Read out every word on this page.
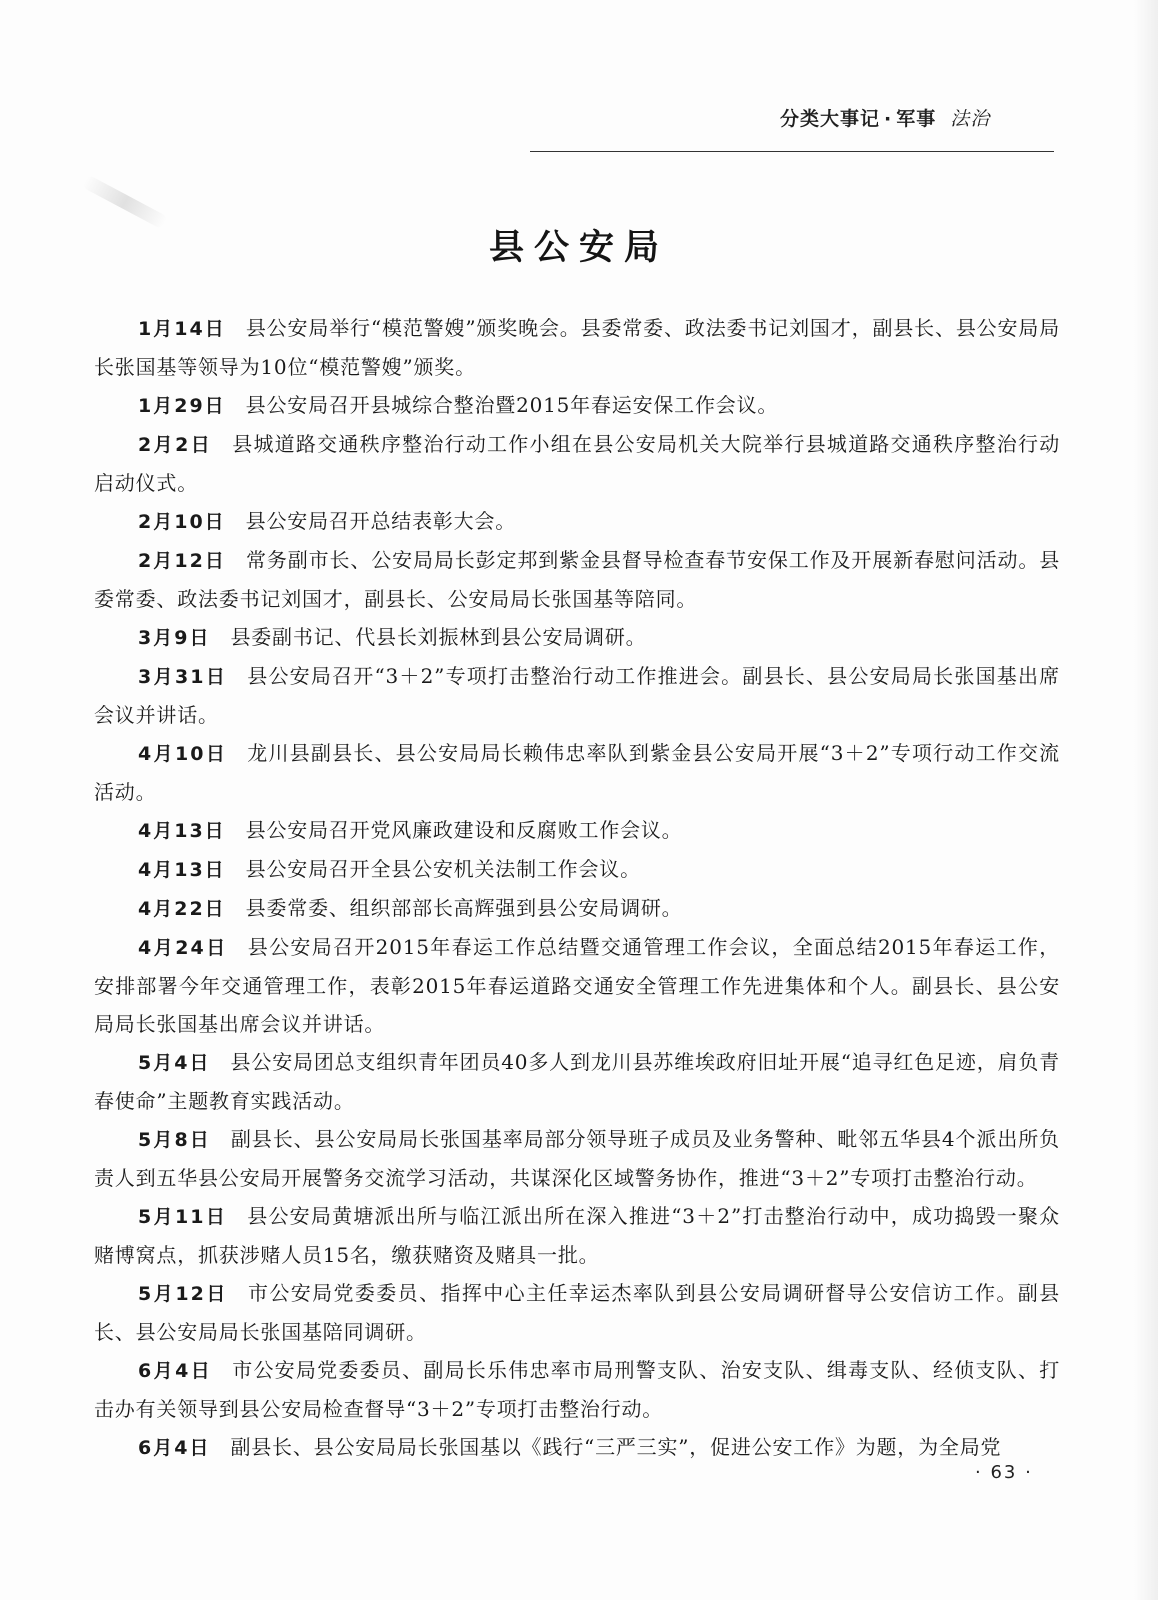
分类大事记 · 军事 法治
县公安局

1月14日 县公安局举行“模范警嫂”颁奖晚会。县委常委、政法委书记刘国才，副县长、县公安局局长张国基等领导为10位“模范警嫂”颁奖。

1月29日 县公安局召开县城综合整治暨2015年春运安保工作会议。

2月2日 县城道路交通秩序整治行动工作小组在县公安局机关大院举行县城道路交通秩序整治行动启动仪式。

2月10日 县公安局召开总结表彰大会。

2月12日 常务副市长、公安局局长彭定邦到紫金县督导检查春节安保工作及开展新春慰问活动。县委常委、政法委书记刘国才，副县长、公安局局长张国基等陪同。

3月9日 县委副书记、代县长刘振林到县公安局调研。

3月31日 县公安局召开“3＋2”专项打击整治行动工作推进会。副县长、县公安局局长张国基出席会议并讲话。

4月10日 龙川县副县长、县公安局局长赖伟忠率队到紫金县公安局开展“3＋2”专项行动工作交流活动。

4月13日 县公安局召开党风廉政建设和反腐败工作会议。

4月13日 县公安局召开全县公安机关法制工作会议。

4月22日 县委常委、组织部部长高辉强到县公安局调研。

4月24日 县公安局召开2015年春运工作总结暨交通管理工作会议，全面总结2015年春运工作，安排部署今年交通管理工作，表彰2015年春运道路交通安全管理工作先进集体和个人。副县长、县公安局局长张国基出席会议并讲话。

5月4日 县公安局团总支组织青年团员40多人到龙川县苏维埃政府旧址开展“追寻红色足迹，肩负青春使命”主题教育实践活动。

5月8日 副县长、县公安局局长张国基率局部分领导班子成员及业务警种、毗邻五华县4个派出所负责人到五华县公安局开展警务交流学习活动，共谋深化区域警务协作，推进“3＋2”专项打击整治行动。

5月11日 县公安局黄塘派出所与临江派出所在深入推进“3＋2”打击整治行动中，成功捣毁一聚众赌博窝点，抓获涉赌人员15名，缴获赌资及赌具一批。

5月12日 市公安局党委委员、指挥中心主任幸运杰率队到县公安局调研督导公安信访工作。副县长、县公安局局长张国基陪同调研。

6月4日 市公安局党委委员、副局长乐伟忠率市局刑警支队、治安支队、缉毒支队、经侦支队、打击办有关领导到县公安局检查督导“3＋2”专项打击整治行动。

6月4日 副县长、县公安局局长张国基以《践行“三严三实”，促进公安工作》为题，为全局党

· 63 ·
